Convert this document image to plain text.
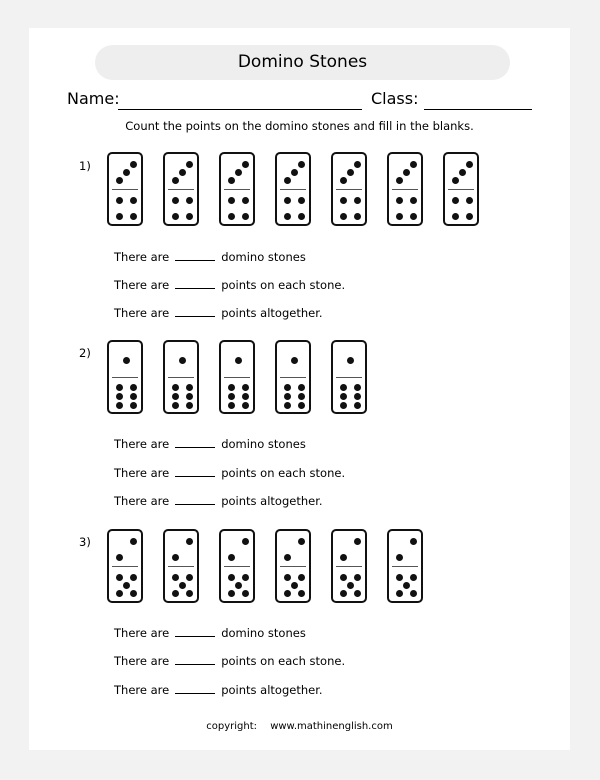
Domino Stones
Name:	Class:
Count the points on the domino stones and fill in the blanks.
1)
There are	domino stones
There are	points on each stone.
There are	points altogether.
2)
There are	domino stones
There are	points on each stone.
There are	points altogether.
3)
There are	domino stones
There are	points on each stone.
There are	points altogether.
copyright: www.mathinenglish.com
